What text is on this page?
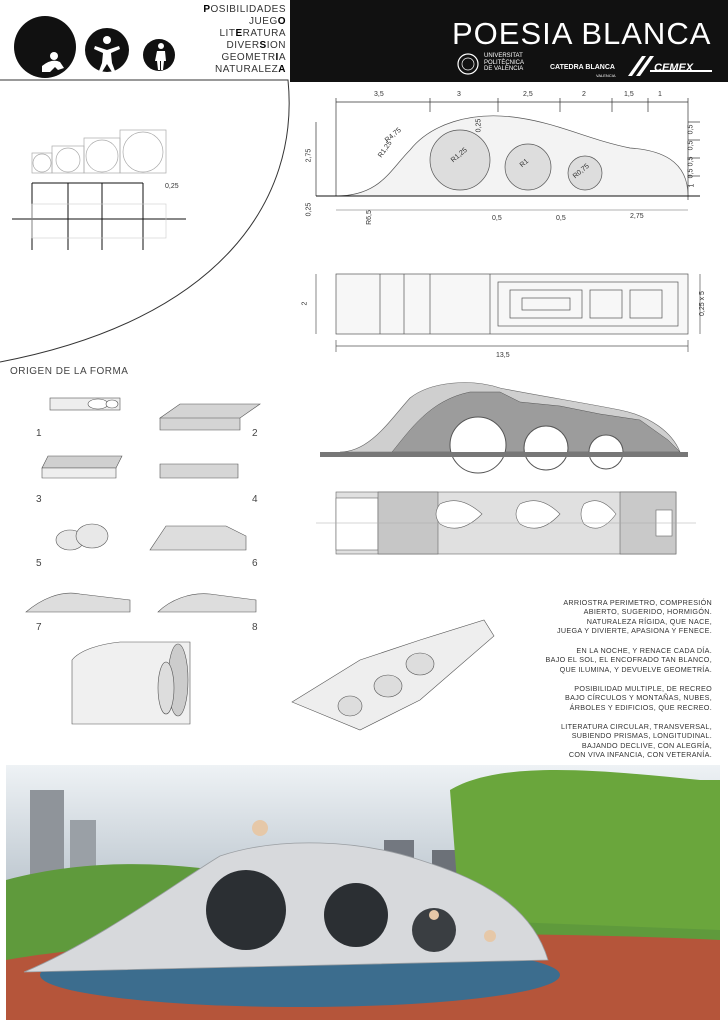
POESIA BLANCA
POSIBILIDADES
JUEGO
LITERATURA
DIVERSION
GEOMETRIA
NATURALEZA
UNIVERSITAT
POLITÈCNICA
DE VALÈNCIA	CATEDRA BLANCA
VALENCIA
CEMEX
3,5	3	2,5	2	1,5	1
R4,75
R1,25	R1,25	R1	R0,75
R6,5
2,75
0,25	0,5
0,5
0,5
0,5
1
0,25
0,5	0,5	2,75
2
13,5
0,25 x 5
0,25
ORIGEN DE LA FORMA
1	2
3	4
5	6
7	8
ARRIOSTRA PERIMETRO, COMPRESIÓN
ABIERTO, SUGERIDO, HORMIGÓN.
NATURALEZA RÍGIDA, QUE NACE,
JUEGA Y DIVIERTE, APASIONA Y FENECE.
EN LA NOCHE, Y RENACE CADA DÍA.
BAJO EL SOL, EL ENCOFRADO TAN BLANCO,
QUE ILUMINA, Y DEVUELVE GEOMETRÍA.
POSIBILIDAD MULTIPLE, DE RECREO
BAJO CÍRCULOS Y MONTAÑAS, NUBES,
ÁRBOLES Y EDIFICIOS, QUE RECREO.
LITERATURA CIRCULAR, TRANSVERSAL,
SUBIENDO PRISMAS, LONGITUDINAL.
BAJANDO DECLIVE, CON ALEGRÍA,
CON VIVA INFANCIA, CON VETERANÍA.
